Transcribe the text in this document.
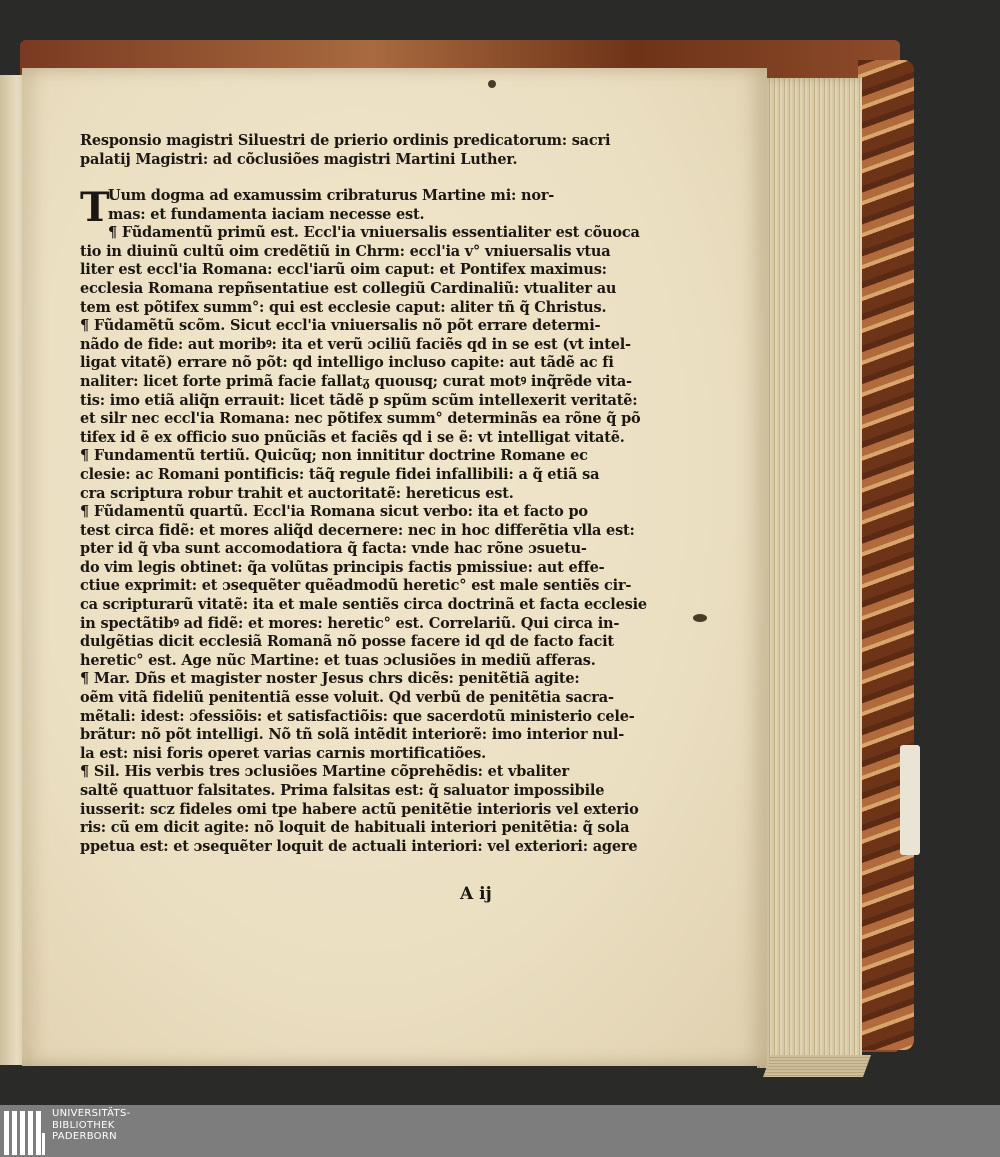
Responsio magistri Siluestri de prierio ordinis predicatorum: sacri
palatij Magistri: ad cõclusiões magistri Martini Luther.
T
Uum dogma ad examussim cribraturus Martine mi: nor-
mas: et fundamenta iaciam necesse est.
¶ Fũdamentũ primũ est. Eccl'ia vniuersalis essentialiter est cõuoca
tio in diuinũ cultũ oim credẽtiũ in Chrm: eccl'ia v° vniuersalis vtua
liter est eccl'ia Romana: eccl'iarũ oim caput: et Pontifex maximus:
ecclesia Romana repñsentatiue est collegiũ Cardinaliũ: vtualiter au
tem est põtifex summ°: qui est ecclesie caput: aliter tñ q̃ Christus.
¶ Fũdamẽtũ scõm. Sicut eccl'ia vniuersalis nõ põt errare determi-
nãdo de fide: aut moribꝰ: ita et verũ ɔciliũ faciẽs qd in se est (vt intel-
ligat vitatẽ) errare nõ põt: qd intelligo incluso capite: aut tãdẽ ac fi
naliter: licet forte primã facie fallatᵹ quousq; curat motꝰ inq̃rẽde vita-
tis: imo etiã aliq̃n errauit: licet tãdẽ p spũm scũm intellexerit veritatẽ:
et silr nec eccl'ia Romana: nec põtifex summ° determinãs ea rõne q̃ põ
tifex id ẽ ex officio suo pnũciãs et faciẽs qd i se ẽ: vt intelligat vitatẽ.
¶ Fundamentũ tertiũ. Quicũq; non innititur doctrine Romane ec
clesie: ac Romani pontificis: tãq̃ regule fidei infallibili: a q̃ etiã sa
cra scriptura robur trahit et auctoritatẽ: hereticus est.
¶ Fũdamentũ quartũ. Eccl'ia Romana sicut verbo: ita et facto po
test circa fidẽ: et mores aliq̃d decernere: nec in hoc differẽtia vlla est:
pter id q̃ vba sunt accomodatiora q̃ facta: vnde hac rõne ɔsuetu-
do vim legis obtinet: q̃a volũtas principis factis pmissiue: aut effe-
ctiue exprimit: et ɔsequẽter quẽadmodũ heretic° est male sentiẽs cir-
ca scripturarũ vitatẽ: ita et male sentiẽs circa doctrinã et facta ecclesie
in spectãtibꝰ ad fidẽ: et mores: heretic° est. Correlariũ. Qui circa in-
dulgẽtias dicit ecclesiã Romanã nõ posse facere id qd de facto facit
heretic° est. Age nũc Martine: et tuas ɔclusiões in mediũ afferas.
¶ Mar. Dñs et magister noster Jesus chrs dicẽs: penitẽtiã agite:
oẽm vitã fideliũ penitentiã esse voluit. Qd verbũ de penitẽtia sacra-
mẽtali: idest: ɔfessiõis: et satisfactiõis: que sacerdotũ ministerio cele-
brãtur: nõ põt intelligi. Nõ tñ solã intẽdit interiorẽ: imo interior nul-
la est: nisi foris operet varias carnis mortificatiões.
¶ Sil. His verbis tres ɔclusiões Martine cõprehẽdis: et vbaliter
saltẽ quattuor falsitates. Prima falsitas est: q̃ saluator impossibile
iusserit: scz fideles omi tpe habere actũ penitẽtie interioris vel exterio
ris: cũ em dicit agite: nõ loquit de habituali interiori penitẽtia: q̃ sola
ppetua est: et ɔsequẽter loquit de actuali interiori: vel exteriori: agere
A ij
UNIVERSITÄTS-
BIBLIOTHEK
PADERBORN
